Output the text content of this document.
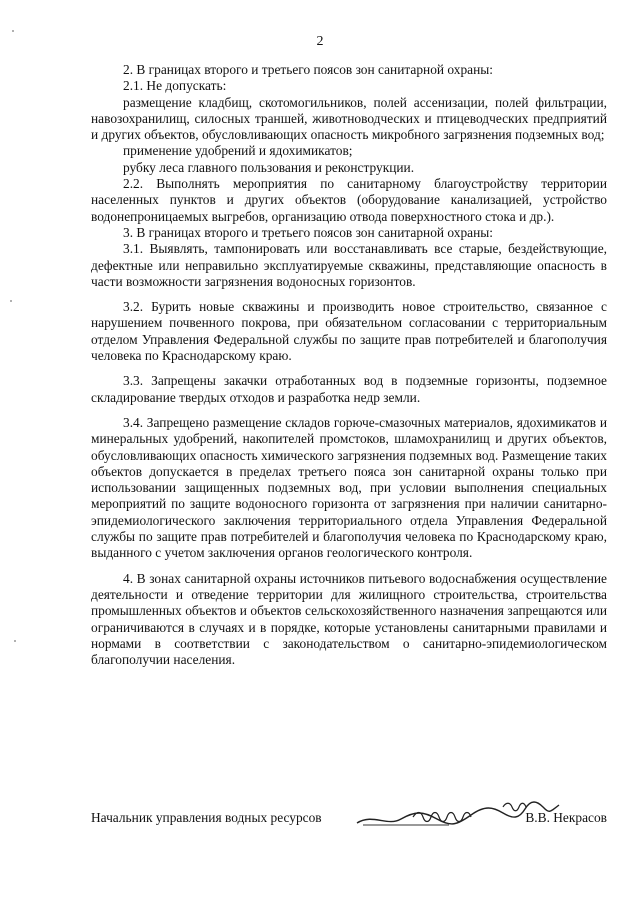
2

2. В границах второго и третьего поясов зон санитарной охраны:

2.1. Не допускать:

размещение кладбищ, скотомогильников, полей ассенизации, полей фильтрации, навозохранилищ, силосных траншей, животноводческих и птицеводческих предприятий и других объектов, обусловливающих опасность микробного загрязнения подземных вод;

применение удобрений и ядохимикатов;

рубку леса главного пользования и реконструкции.

2.2. Выполнять мероприятия по санитарному благоустройству территории населенных пунктов и других объектов (оборудование канализацией, устройство водонепроницаемых выгребов, организацию отвода поверхностного стока и др.).

3. В границах второго и третьего поясов зон санитарной охраны:

3.1. Выявлять, тампонировать или восстанавливать все старые, бездействующие, дефектные или неправильно эксплуатируемые скважины, представляющие опасность в части возможности загрязнения водоносных горизонтов.

3.2. Бурить новые скважины и производить новое строительство, связанное с нарушением почвенного покрова, при обязательном согласовании с территориальным отделом Управления Федеральной службы по защите прав потребителей и благополучия человека по Краснодарскому краю.

3.3. Запрещены закачки отработанных вод в подземные горизонты, подземное складирование твердых отходов и разработка недр земли.

3.4. Запрещено размещение складов горюче-смазочных материалов, ядохимикатов и минеральных удобрений, накопителей промстоков, шламохранилищ и других объектов, обусловливающих опасность химического загрязнения подземных вод. Размещение таких объектов допускается в пределах третьего пояса зон санитарной охраны только при использовании защищенных подземных вод, при условии выполнения специальных мероприятий по защите водоносного горизонта от загрязнения при наличии санитарно-эпидемиологического заключения территориального отдела Управления Федеральной службы по защите прав потребителей и благополучия человека по Краснодарскому краю, выданного с учетом заключения органов геологического контроля.

4. В зонах санитарной охраны источников питьевого водоснабжения осуществление деятельности и отведение территории для жилищного строительства, строительства промышленных объектов и объектов сельскохозяйственного назначения запрещаются или ограничиваются в случаях и в порядке, которые установлены санитарными правилами и нормами в соответствии с законодательством о санитарно-эпидемиологическом благополучии населения.

Начальник управления водных ресурсов	В.В. Некрасов
